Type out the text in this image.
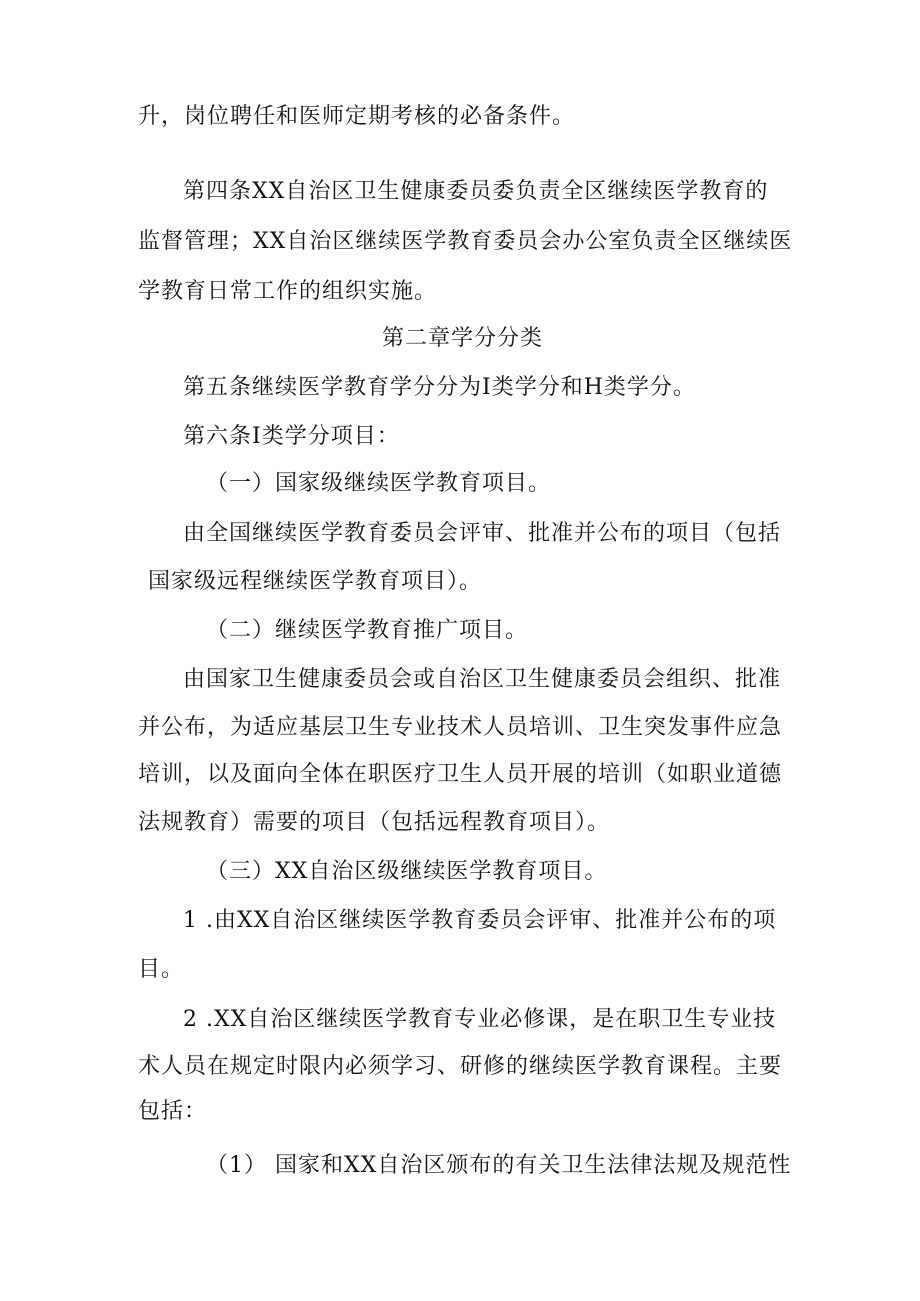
升，岗位聘任和医师定期考核的必备条件。
第四条XX自治区卫生健康委员委负责全区继续医学教育的
监督管理；XX自治区继续医学教育委员会办公室负责全区继续医
学教育日常工作的组织实施。
第二章学分分类
第五条继续医学教育学分分为I类学分和H类学分。
第六条I类学分项目：
（一）国家级继续医学教育项目。
由全国继续医学教育委员会评审、批准并公布的项目（包括
国家级远程继续医学教育项目）。
（二）继续医学教育推广项目。
由国家卫生健康委员会或自治区卫生健康委员会组织、批准
并公布，为适应基层卫生专业技术人员培训、卫生突发事件应急
培训，以及面向全体在职医疗卫生人员开展的培训（如职业道德
法规教育）需要的项目（包括远程教育项目）。
（三）XX自治区级继续医学教育项目。
1 .由XX自治区继续医学教育委员会评审、批准并公布的项
目。
2 .XX自治区继续医学教育专业必修课，是在职卫生专业技
术人员在规定时限内必须学习、研修的继续医学教育课程。主要
包括：
（1） 国家和XX自治区颁布的有关卫生法律法规及规范性
